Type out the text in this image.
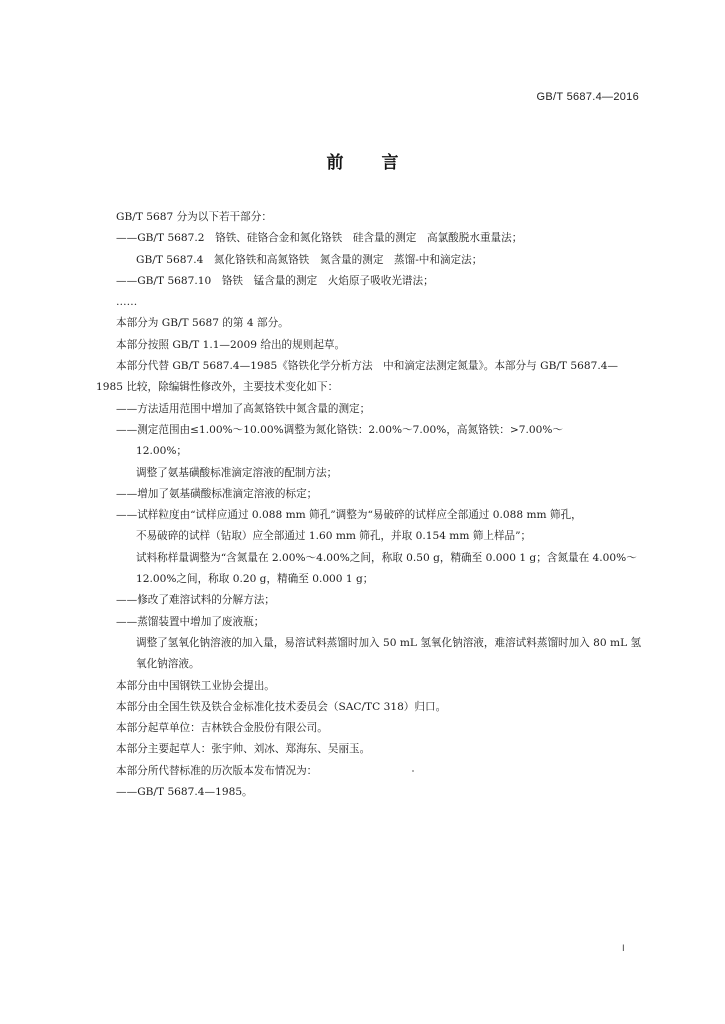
GB/T 5687.4—2016
前言

GB/T 5687 分为以下若干部分：

——GB/T 5687.2　铬铁、硅铬合金和氮化铬铁　硅含量的测定　高氯酸脱水重量法；

GB/T 5687.4　氮化铬铁和高氮铬铁　氮含量的测定　蒸馏-中和滴定法；

——GB/T 5687.10　铬铁　锰含量的测定　火焰原子吸收光谱法；

……

本部分为 GB/T 5687 的第 4 部分。

本部分按照 GB/T 1.1—2009 给出的规则起草。

本部分代替 GB/T 5687.4—1985《铬铁化学分析方法　中和滴定法测定氮量》。本部分与 GB/T 5687.4—

1985 比较，除编辑性修改外，主要技术变化如下：

——方法适用范围中增加了高氮铬铁中氮含量的测定；

——测定范围由≤1.00%～10.00%调整为氮化铬铁：2.00%～7.00%，高氮铬铁：>7.00%～

12.00%；

调整了氨基磺酸标准滴定溶液的配制方法；

——增加了氨基磺酸标准滴定溶液的标定；

——试样粒度由“试样应通过 0.088 mm 筛孔”调整为“易破碎的试样应全部通过 0.088 mm 筛孔，

不易破碎的试样（钻取）应全部通过 1.60 mm 筛孔，并取 0.154 mm 筛上样品”；

试料称样量调整为“含氮量在 2.00%～4.00%之间，称取 0.50 g，精确至 0.000 1 g；含氮量在 4.00%～12.00%之间，称取 0.20 g，精确至 0.000 1 g；

——修改了难溶试料的分解方法；

——蒸馏装置中增加了废液瓶；

调整了氢氧化钠溶液的加入量，易溶试料蒸馏时加入 50 mL 氢氧化钠溶液，难溶试料蒸馏时加入 80 mL 氢氧化钠溶液。

本部分由中国钢铁工业协会提出。

本部分由全国生铁及铁合金标准化技术委员会（SAC/TC 318）归口。

本部分起草单位：吉林铁合金股份有限公司。

本部分主要起草人：张宇帅、刘冰、郑海东、吴丽玉。

本部分所代替标准的历次版本发布情况为：

——GB/T 5687.4—1985。

I
